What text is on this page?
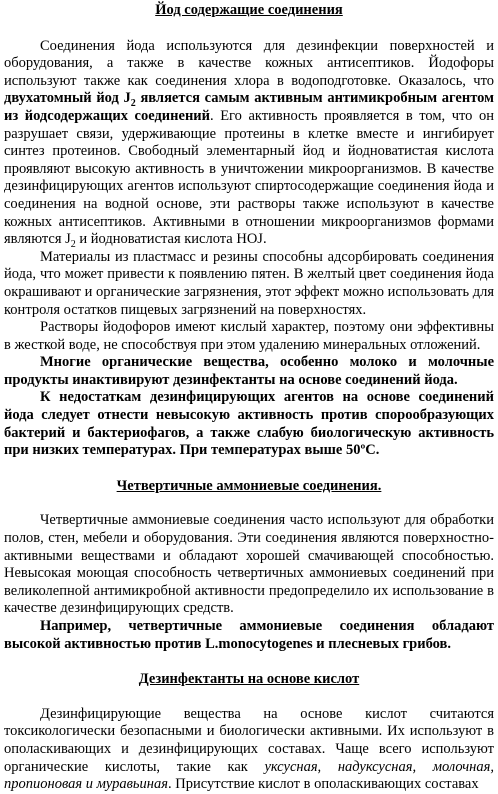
Йод содержащие соединения

Соединения йода используются для дезинфекции поверхностей и оборудования, а также в качестве кожных антисептиков. Йодофоры используют также как соединения хлора в водоподготовке. Оказалось, что двухатомный йод $J_2$ является самым активным антимикробным агентом из йодсодержащих соединений. Его активность проявляется в том, что он разрушает связи, удерживающие протеины в клетке вместе и ингибирует синтез протеинов. Свободный элементарный йод и йодноватистая кислота проявляют высокую активность в уничтожении микроорганизмов. В качестве дезинфицирующих агентов используют спиртосодержащие соединения йода и соединения на водной основе, эти растворы также используют в качестве кожных антисептиков. Активными в отношении микроорганизмов формами являются $J_2$ и йодноватистая кислота HOJ.

Материалы из пластмасс и резины способны адсорбировать соединения йода, что может привести к появлению пятен. В желтый цвет соединения йода окрашивают и органические загрязнения, этот эффект можно использовать для контроля остатков пищевых загрязнений на поверхностях.

Растворы йодофоров имеют кислый характер, поэтому они эффективны в жесткой воде, не способствуя при этом удалению минеральных отложений.

Многие органические вещества, особенно молоко и молочные продукты инактивируют дезинфектанты на основе соединений йода.

К недостаткам дезинфицирующих агентов на основе соединений йода следует отнести невысокую активность против спорообразующих бактерий и бактериофагов, а также слабую биологическую активность при низких температурах. При температурах выше 50ºС.

Четвертичные аммониевые соединения.

Четвертичные аммониевые соединения часто используют для обработки полов, стен, мебели и оборудования. Эти соединения являются поверхностно-активными веществами и обладают хорошей смачивающей способностью. Невысокая моющая способность четвертичных аммониевых соединений при великолепной антимикробной активности предопределило их использование в качестве дезинфицирующих средств.

Например, четвертичные аммониевые соединения обладают высокой активностью против L.monocytogenes и плесневых грибов.

Дезинфектанты на основе кислот

Дезинфицирующие вещества на основе кислот считаются токсикологически безопасными и биологически активными. Их используют в ополаскивающих и дезинфицирующих составах. Чаще всего используют органические кислоты, такие как уксусная, надуксусная, молочная, пропионовая и муравьиная. Присутствие кислот в ополаскивающих составах
